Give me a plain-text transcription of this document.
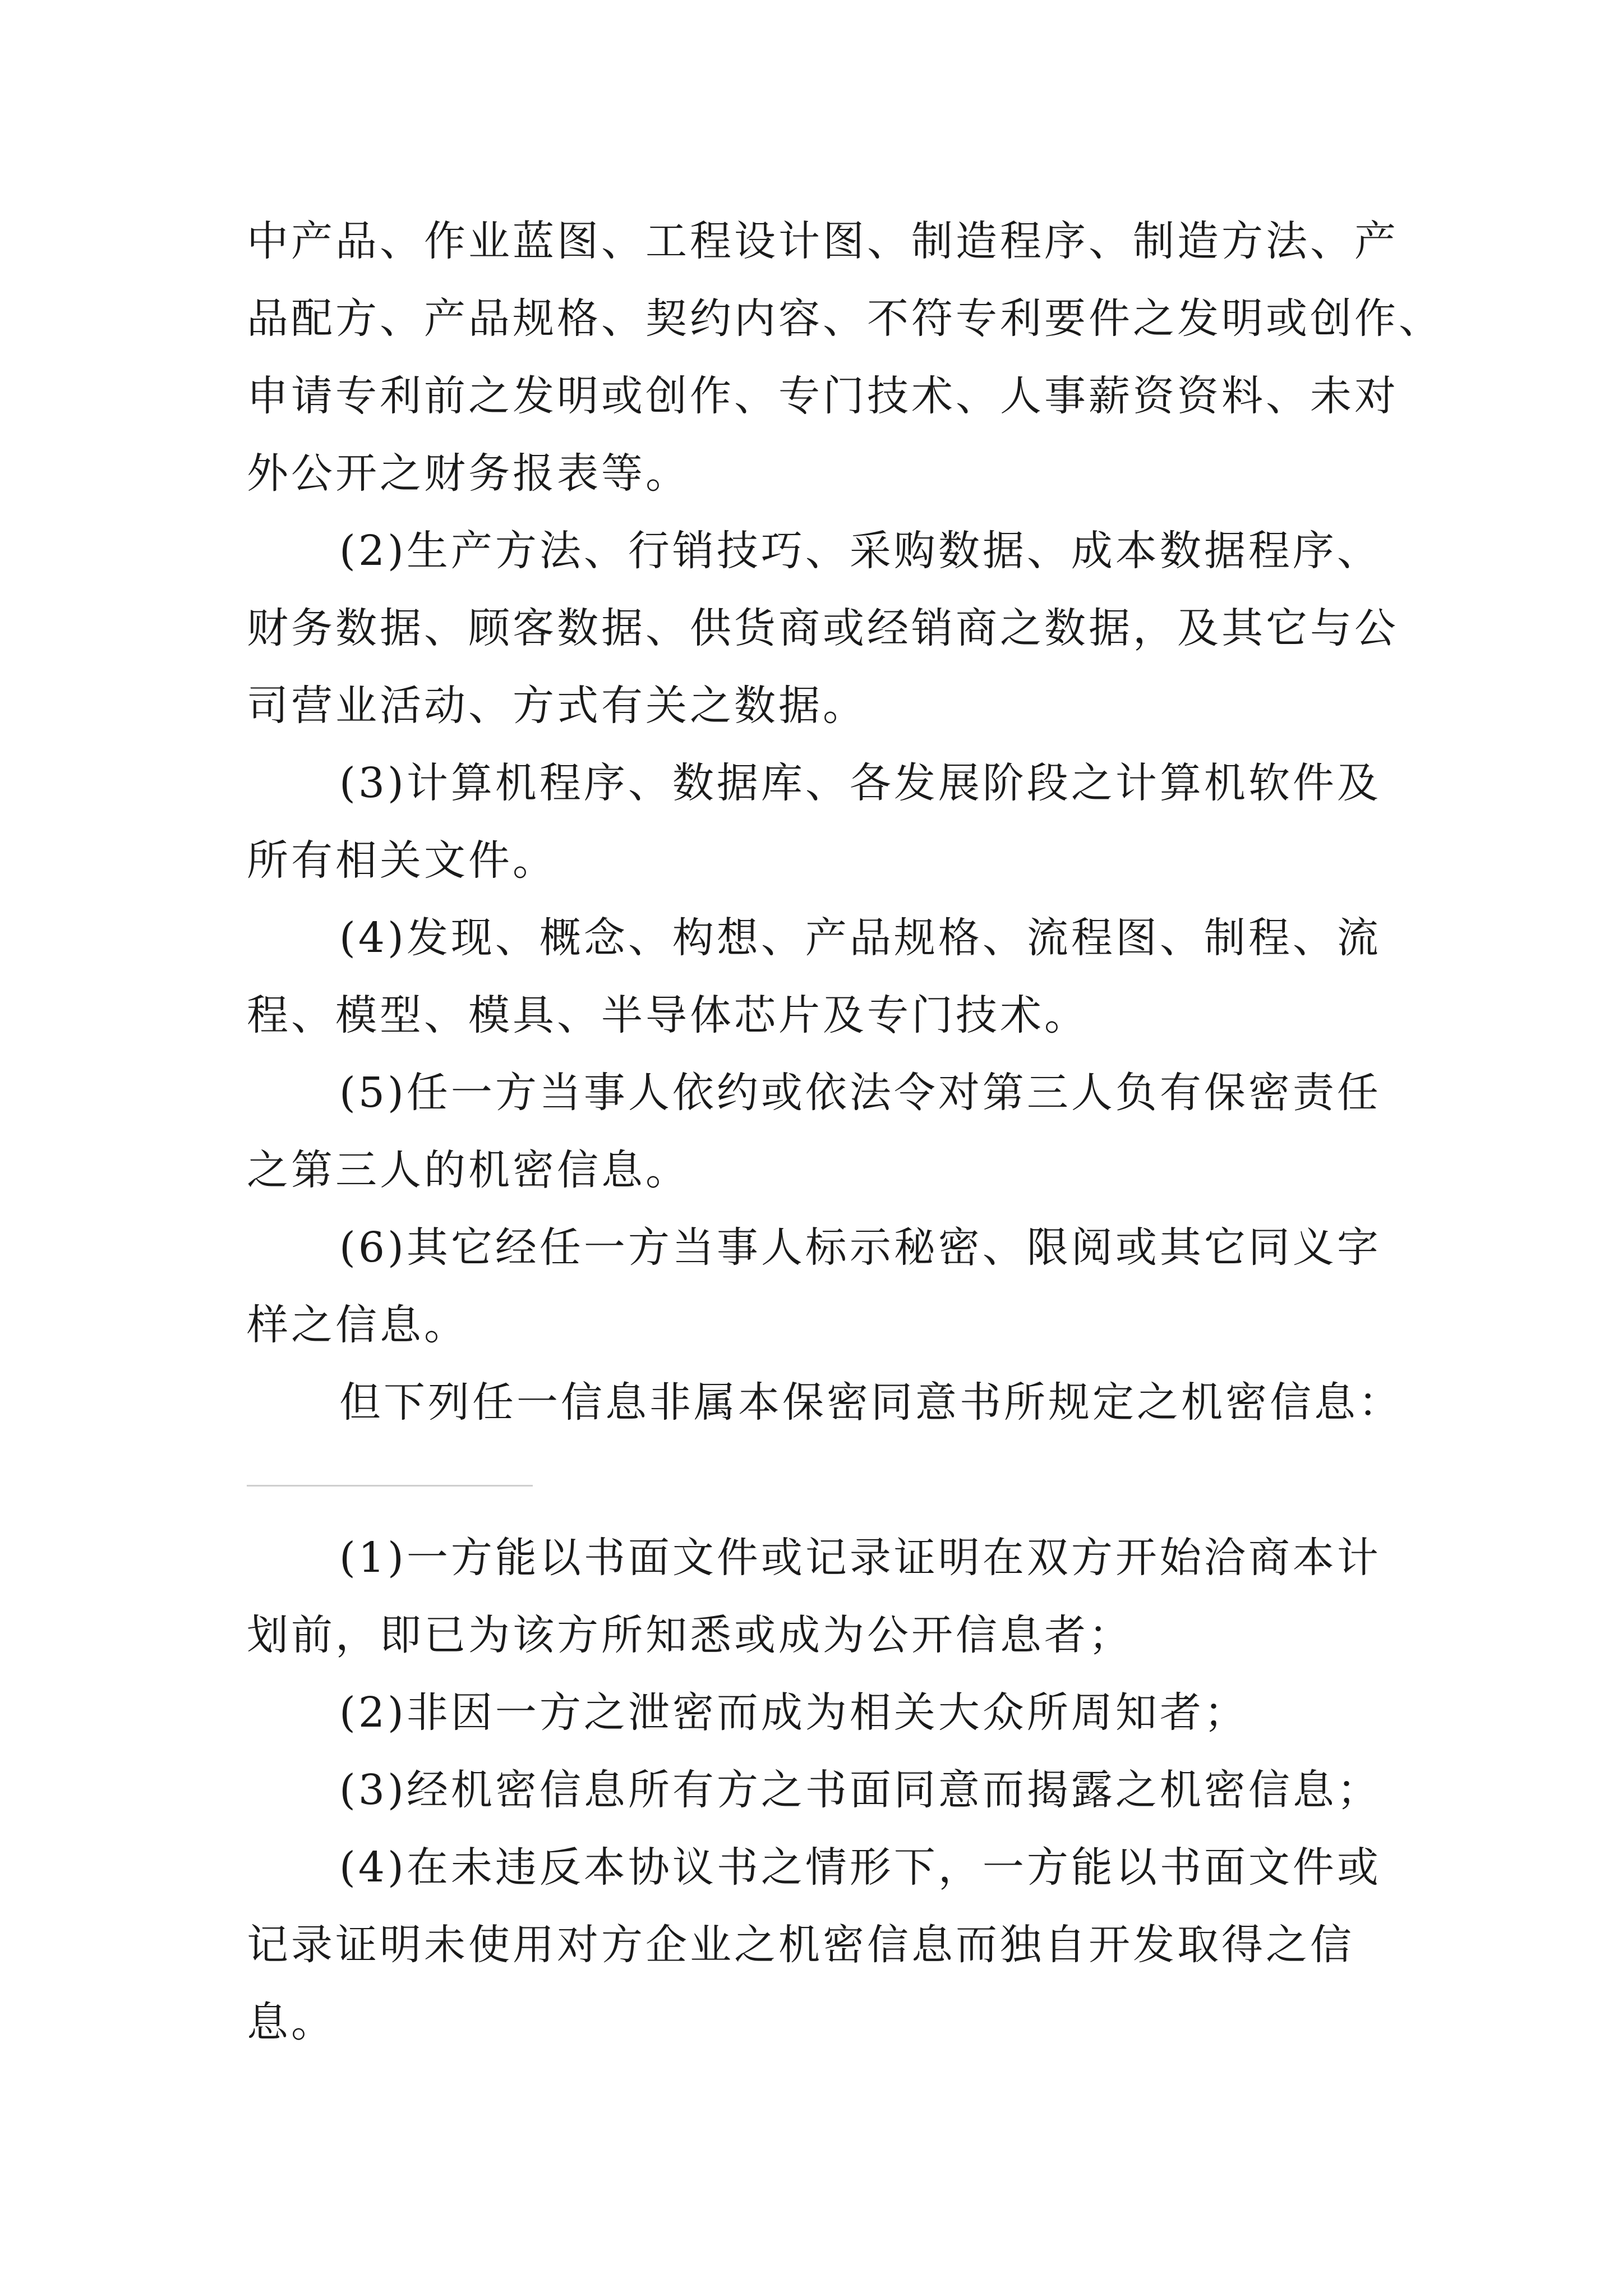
中产品、作业蓝图、工程设计图、制造程序、制造方法、产
品配方、产品规格、契约内容、不符专利要件之发明或创作、
申请专利前之发明或创作、专门技术、人事薪资资料、未对
外公开之财务报表等。
(2)生产方法、行销技巧、采购数据、成本数据程序、
财务数据、顾客数据、供货商或经销商之数据，及其它与公
司营业活动、方式有关之数据。
(3)计算机程序、数据库、各发展阶段之计算机软件及
所有相关文件。
(4)发现、概念、构想、产品规格、流程图、制程、流
程、模型、模具、半导体芯片及专门技术。
(5)任一方当事人依约或依法令对第三人负有保密责任
之第三人的机密信息。
(6)其它经任一方当事人标示秘密、限阅或其它同义字
样之信息。
但下列任一信息非属本保密同意书所规定之机密信息：
(1)一方能以书面文件或记录证明在双方开始洽商本计
划前，即已为该方所知悉或成为公开信息者；
(2)非因一方之泄密而成为相关大众所周知者；
(3)经机密信息所有方之书面同意而揭露之机密信息；
(4)在未违反本协议书之情形下，一方能以书面文件或
记录证明未使用对方企业之机密信息而独自开发取得之信
息。
